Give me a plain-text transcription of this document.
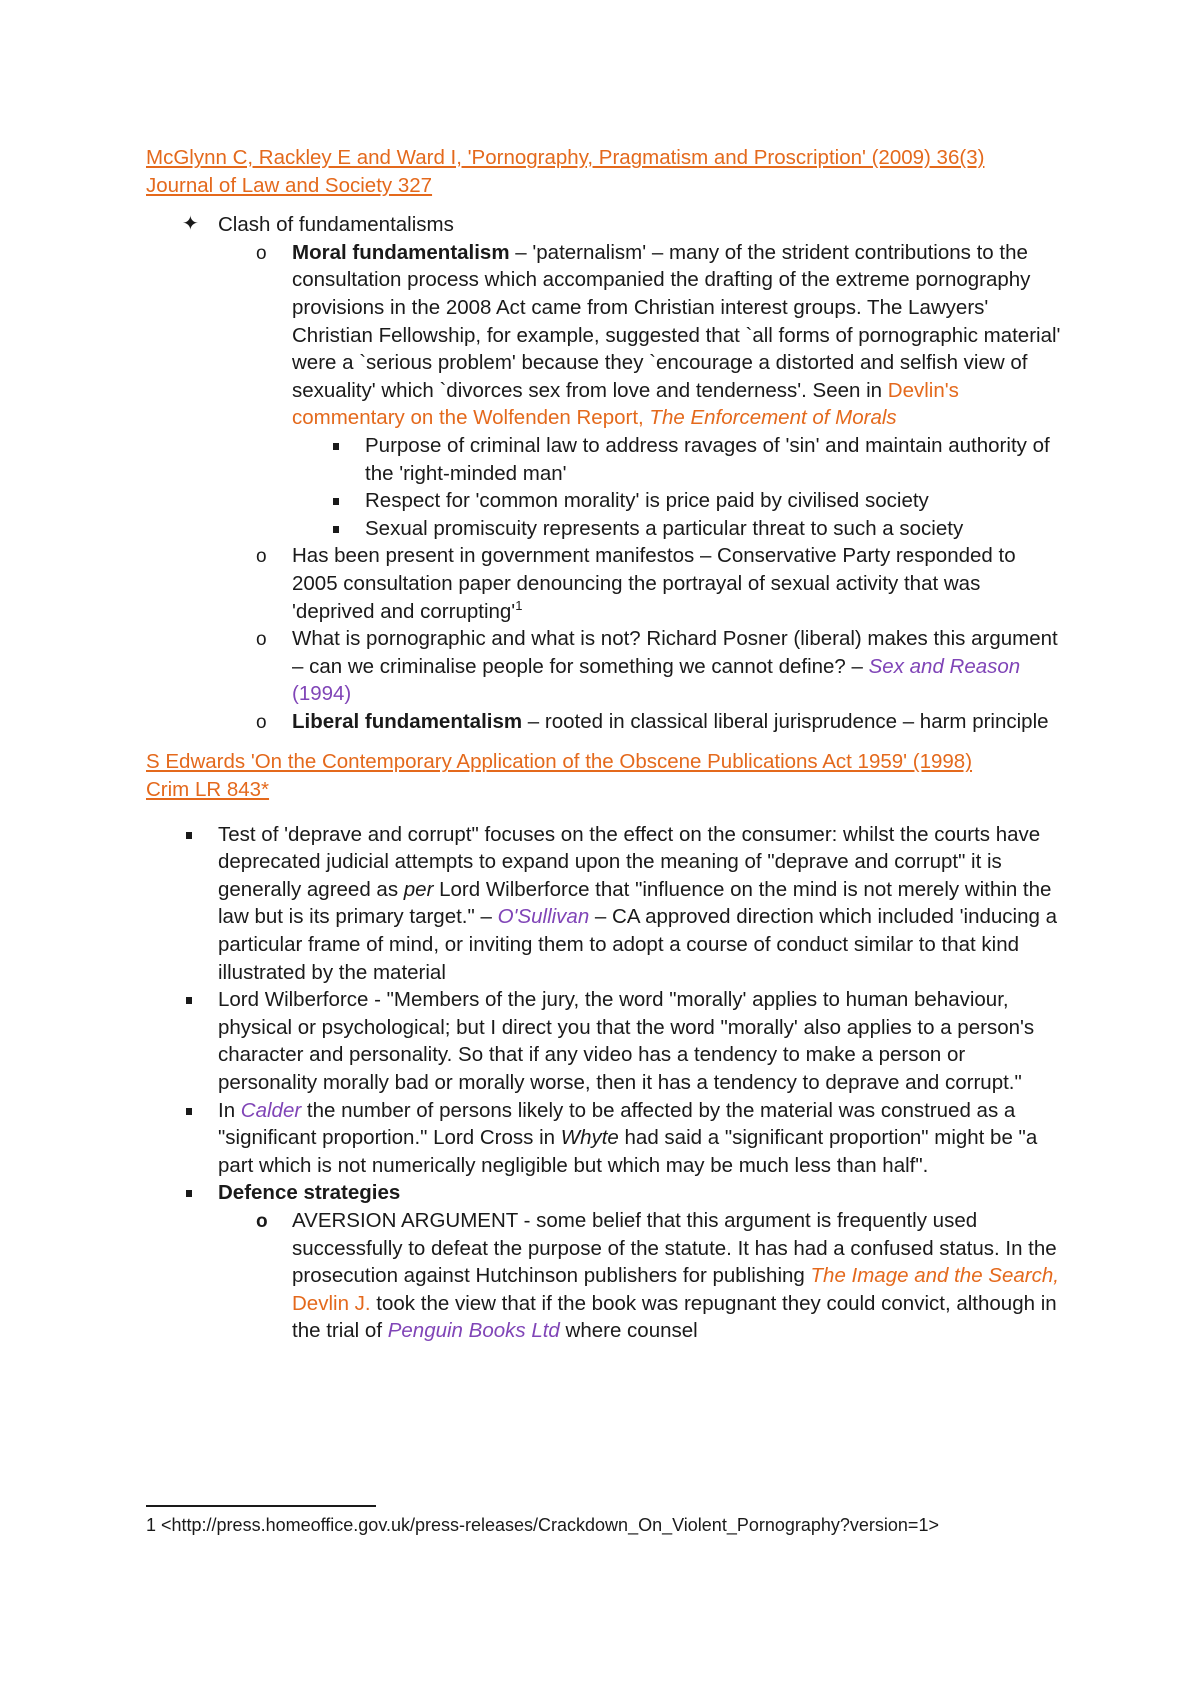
McGlynn C, Rackley E and Ward I, 'Pornography, Pragmatism and Proscription' (2009) 36(3)
Journal of Law and Society 327

✦ Clash of fundamentalisms
o Moral fundamentalism – 'paternalism' – many of the strident contributions to the consultation process which accompanied the drafting of the extreme pornography provisions in the 2008 Act came from Christian interest groups. The Lawyers' Christian Fellowship, for example, suggested that `all forms of pornographic material' were a `serious problem' because they `encourage a distorted and selfish view of sexuality' which `divorces sex from love and tenderness'. Seen in Devlin's commentary on the Wolfenden Report, The Enforcement of Morals
Purpose of criminal law to address ravages of 'sin' and maintain authority of the 'right-minded man'
Respect for 'common morality' is price paid by civilised society
Sexual promiscuity represents a particular threat to such a society
o Has been present in government manifestos – Conservative Party responded to 2005 consultation paper denouncing the portrayal of sexual activity that was 'deprived and $corrupting'^1$
o What is pornographic and what is not? Richard Posner (liberal) makes this argument – can we criminalise people for something we cannot define? – Sex and Reason (1994)
o Liberal fundamentalism – rooted in classical liberal jurisprudence – harm principle

S Edwards 'On the Contemporary Application of the Obscene Publications Act 1959' (1998)
Crim LR 843*

Test of 'deprave and corrupt" focuses on the effect on the consumer: whilst the courts have deprecated judicial attempts to expand upon the meaning of "deprave and corrupt" it is generally agreed as per Lord Wilberforce that "influence on the mind is not merely within the law but is its primary target." – O'Sullivan – CA approved direction which included 'inducing a particular frame of mind, or inviting them to adopt a course of conduct similar to that kind illustrated by the material
Lord Wilberforce - "Members of the jury, the word "morally' applies to human behaviour, physical or psychological; but I direct you that the word "morally' also applies to a person's character and personality. So that if any video has a tendency to make a person or personality morally bad or morally worse, then it has a tendency to deprave and corrupt."
In Calder the number of persons likely to be affected by the material was construed as a "significant proportion." Lord Cross in Whyte had said a "significant proportion" might be "a part which is not numerically negligible but which may be much less than half".
Defence strategies
o AVERSION ARGUMENT - some belief that this argument is frequently used successfully to defeat the purpose of the statute. It has had a confused status. In the prosecution against Hutchinson publishers for publishing The Image and the Search, Devlin J. took the view that if the book was repugnant they could convict, although in the trial of Penguin Books Ltd where counsel
1 <http://press.homeoffice.gov.uk/press-releases/Crackdown_On_Violent_Pornography?version=1>
